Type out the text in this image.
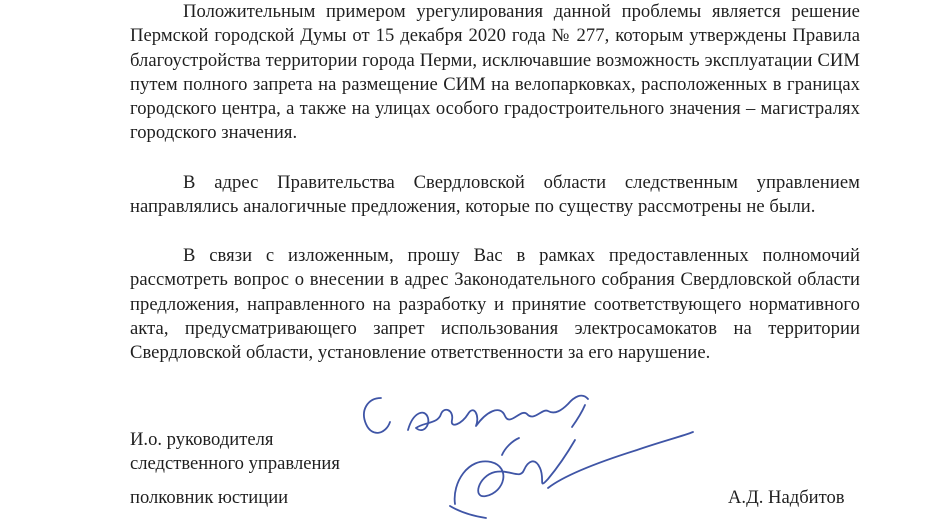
Положительным примером урегулирования данной проблемы является решение Пермской городской Думы от 15 декабря 2020 года № 277, которым утверждены Правила благоустройства территории города Перми, исключавшие возможность эксплуатации СИМ путем полного запрета на размещение СИМ на велопарковках, расположенных в границах городского центра, а также на улицах особого градостроительного значения – магистралях городского значения.

В адрес Правительства Свердловской области следственным управлением направлялись аналогичные предложения, которые по существу рассмотрены не были.

В связи с изложенным, прошу Вас в рамках предоставленных полномочий рассмотреть вопрос о внесении в адрес Законодательного собрания Свердловской области предложения, направленного на разработку и принятие соответствующего нормативного акта, предусматривающего запрет использования электросамокатов на территории Свердловской области, установление ответственности за его нарушение.

И.о. руководителя
следственного управления
полковник юстиции	А.Д. Надбитов
